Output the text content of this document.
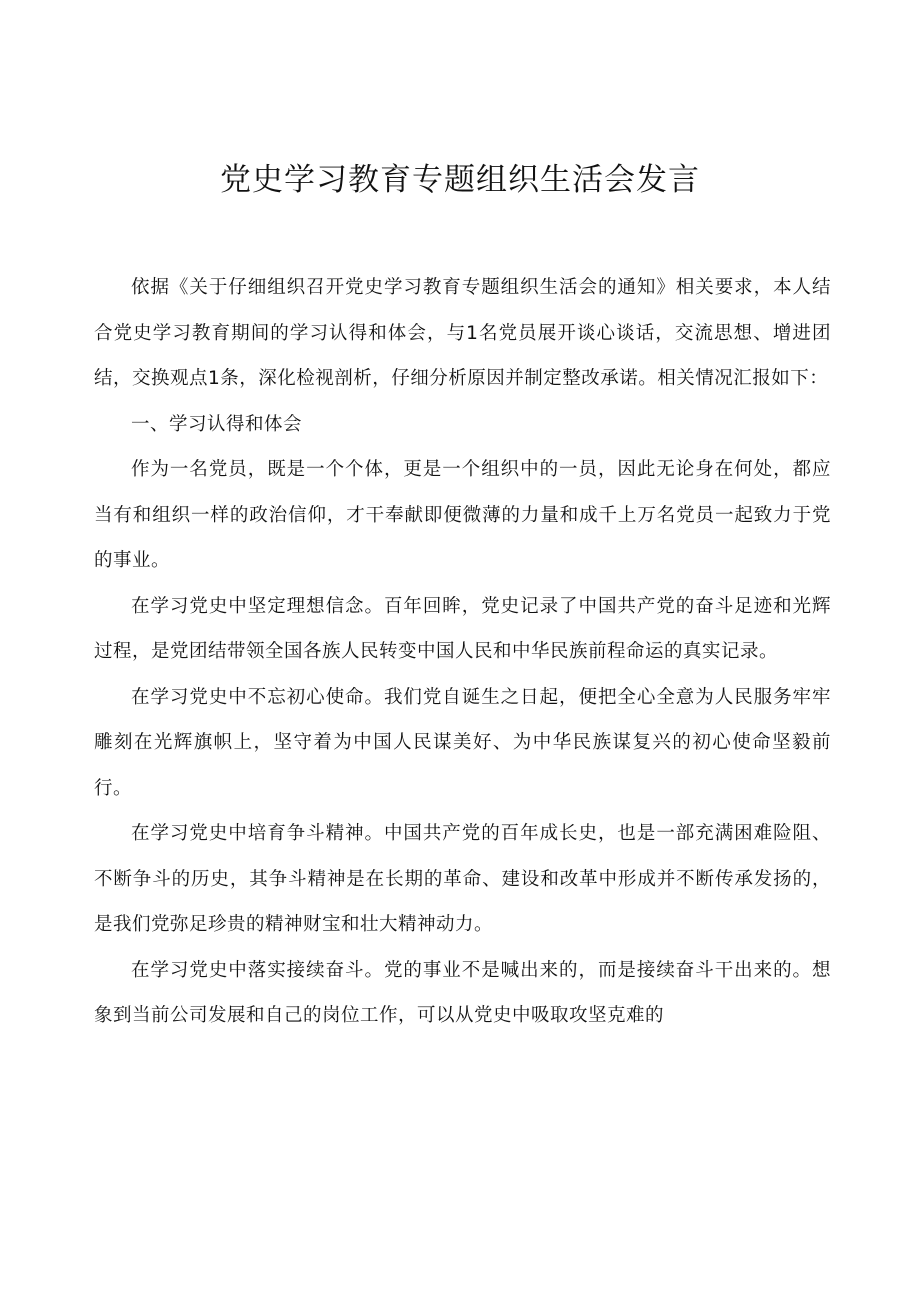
党史学习教育专题组织生活会发言

依据《关于仔细组织召开党史学习教育专题组织生活会的通知》相关要求，本人结合党史学习教育期间的学习认得和体会，与1名党员展开谈心谈话，交流思想、增进团结，交换观点1条，深化检视剖析，仔细分析原因并制定整改承诺。相关情况汇报如下：

一、学习认得和体会

作为一名党员，既是一个个体，更是一个组织中的一员，因此无论身在何处，都应当有和组织一样的政治信仰，才干奉献即便微薄的力量和成千上万名党员一起致力于党的事业。

在学习党史中坚定理想信念。百年回眸，党史记录了中国共产党的奋斗足迹和光辉过程，是党团结带领全国各族人民转变中国人民和中华民族前程命运的真实记录。

在学习党史中不忘初心使命。我们党自诞生之日起，便把全心全意为人民服务牢牢雕刻在光辉旗帜上，坚守着为中国人民谋美好、为中华民族谋复兴的初心使命坚毅前行。

在学习党史中培育争斗精神。中国共产党的百年成长史，也是一部充满困难险阻、不断争斗的历史，其争斗精神是在长期的革命、建设和改革中形成并不断传承发扬的，是我们党弥足珍贵的精神财宝和壮大精神动力。

在学习党史中落实接续奋斗。党的事业不是喊出来的，而是接续奋斗干出来的。想象到当前公司发展和自己的岗位工作，可以从党史中吸取攻坚克难的
